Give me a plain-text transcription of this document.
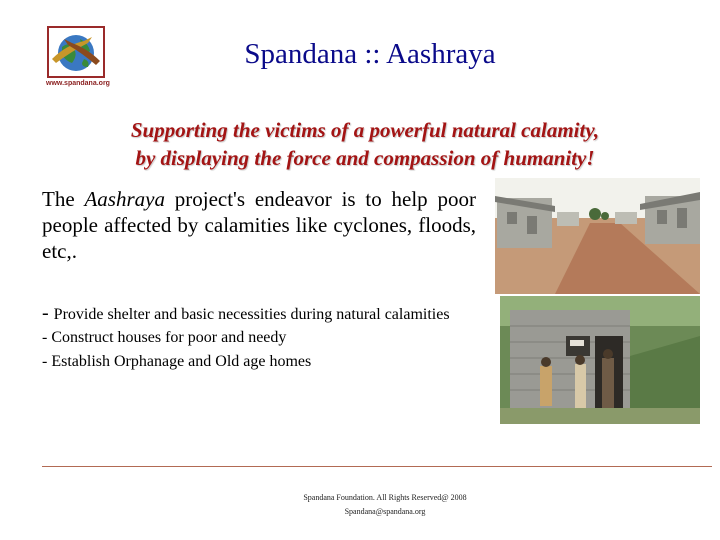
www.spandana.org
Spandana :: Aashraya
Supporting the victims of a powerful natural calamity,
by displaying the force and compassion of humanity!
The Aashraya project's endeavor is to help poor people affected by calamities like cyclones, floods, etc,.
- Provide shelter and basic necessities during natural calamities
- Construct houses for poor and needy
- Establish Orphanage and Old age homes
Spandana Foundation. All Rights Reserved@ 2008
Spandana@spandana.org
